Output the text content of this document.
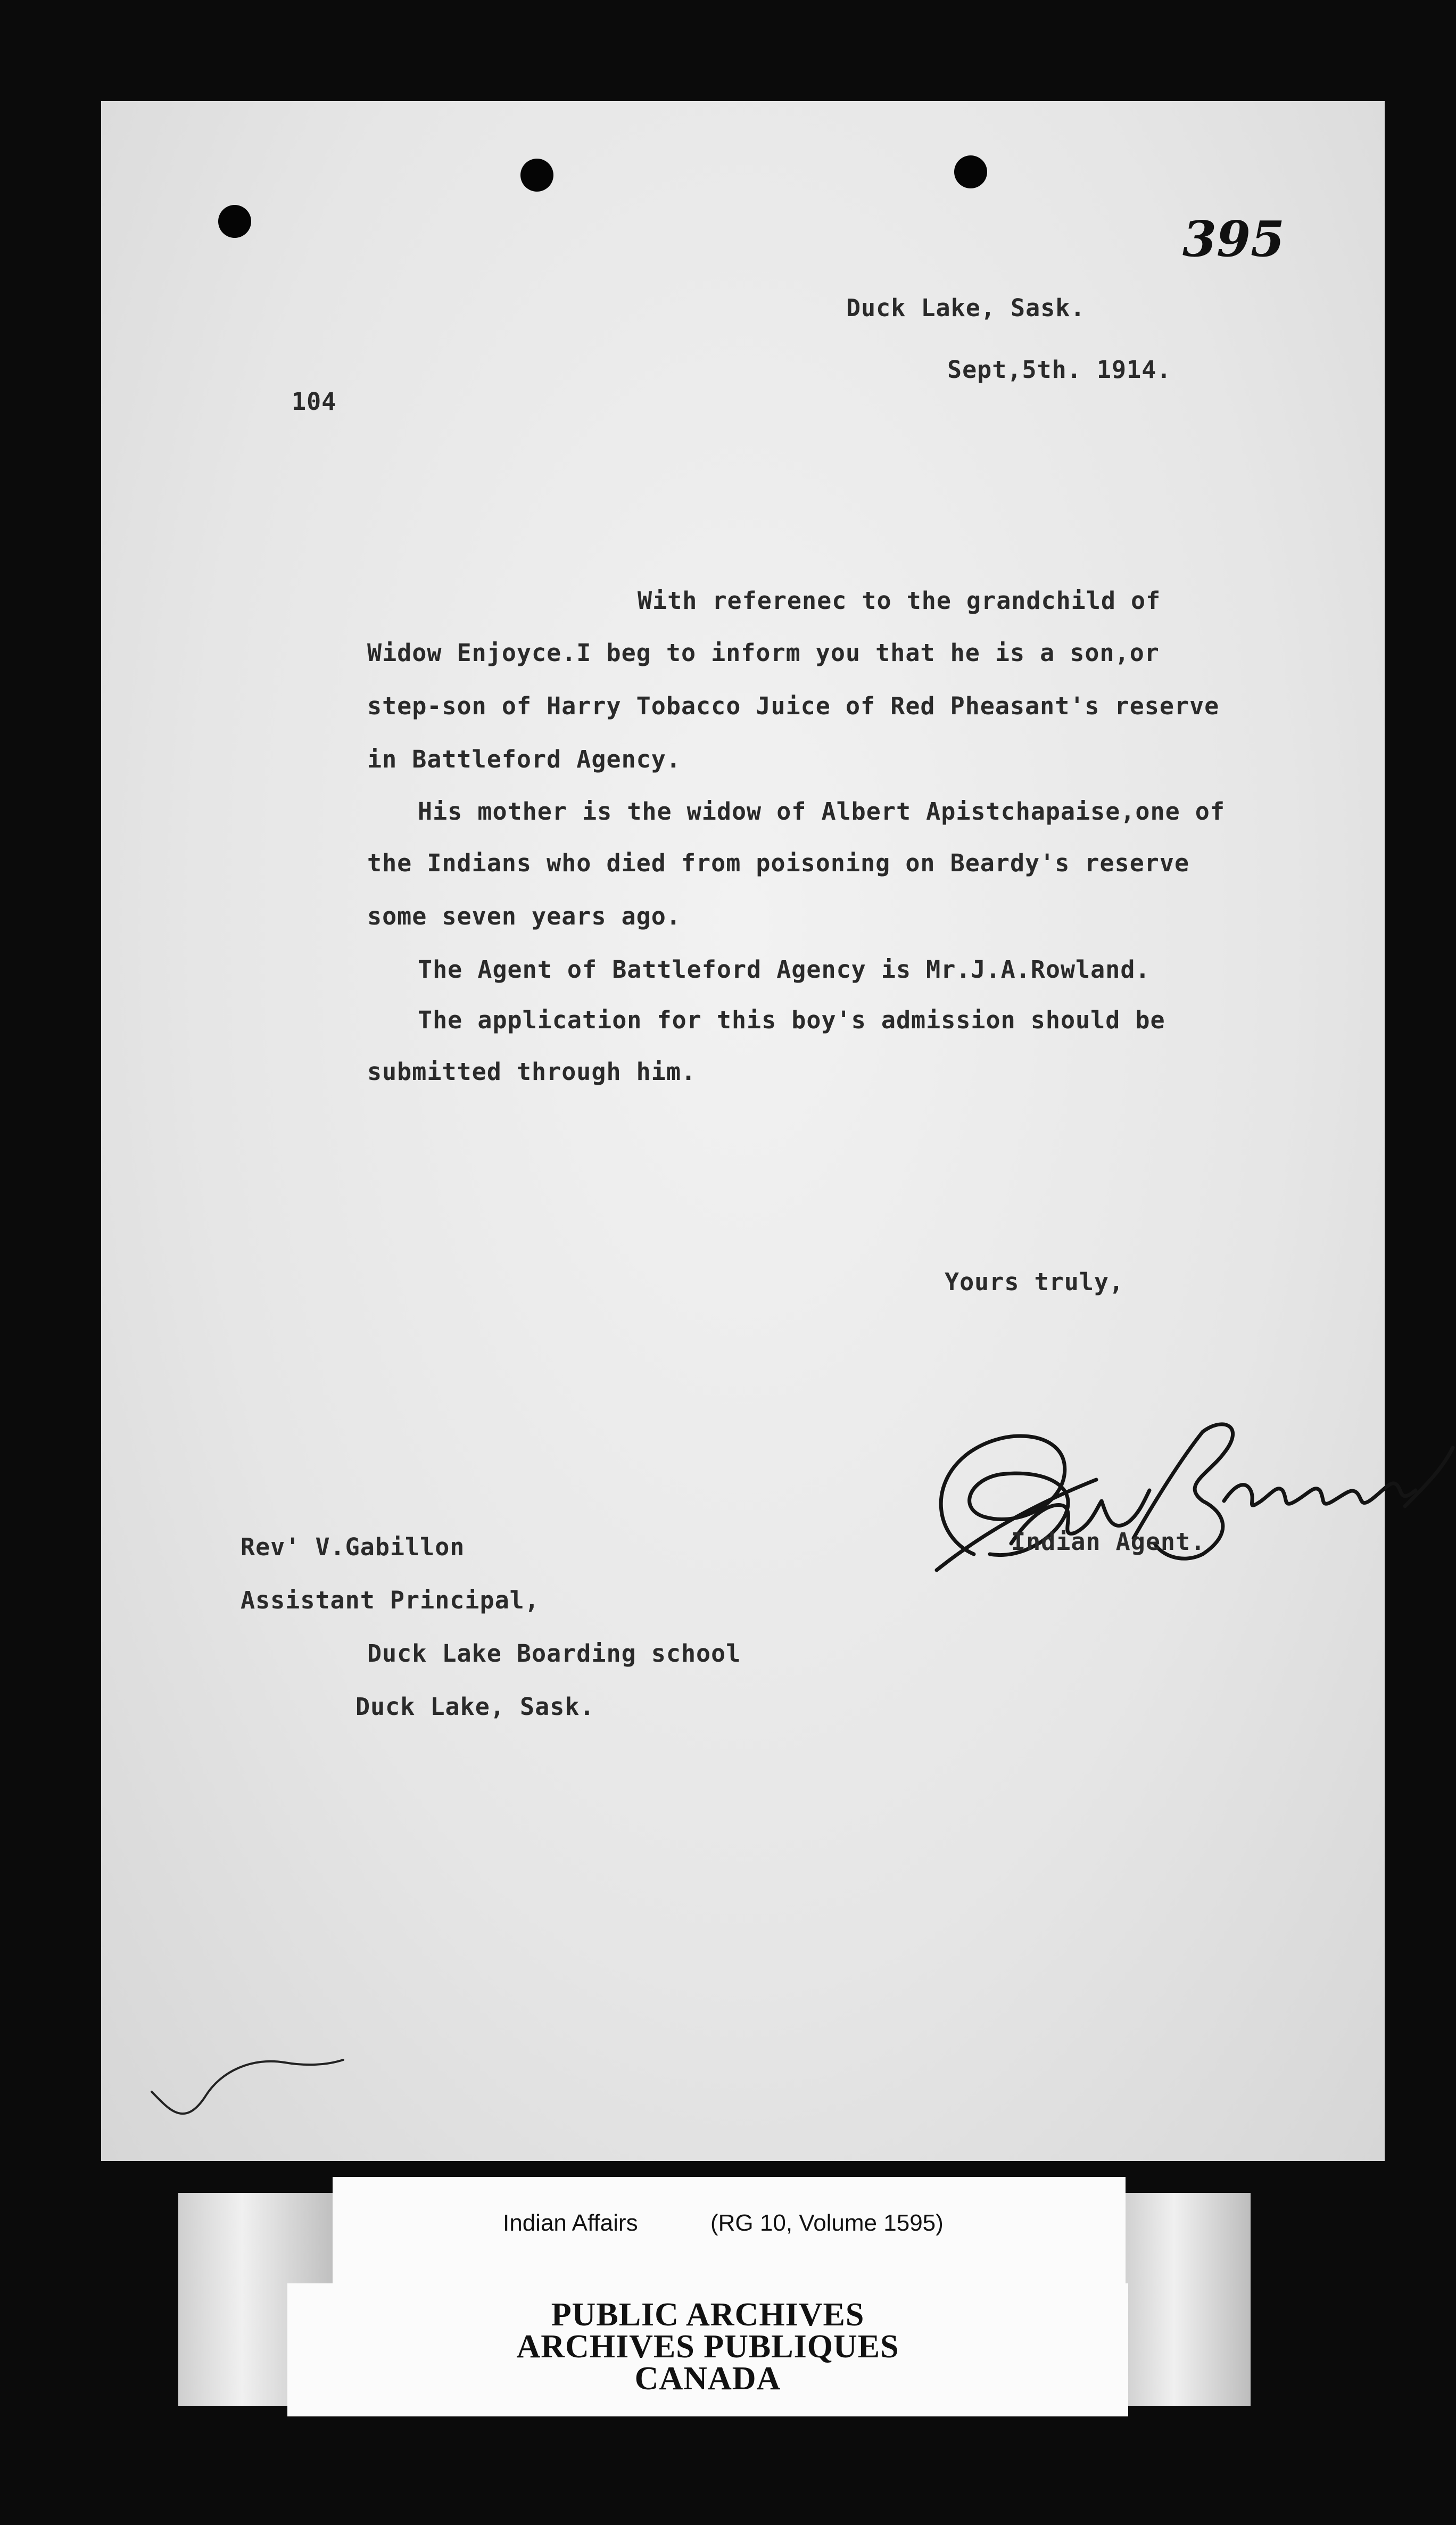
395
Duck Lake, Sask.
Sept,5th. 1914.
104
With referenec to the grandchild of
Widow Enjoyce.I beg to inform you that he is a son,or
step-son of Harry Tobacco Juice of Red Pheasant's reserve
in Battleford Agency.
His mother is the widow of Albert Apistchapaise,one of
the Indians who died from poisoning on Beardy's reserve
some seven years ago.
The Agent of Battleford Agency is Mr.J.A.Rowland.
The application for this boy's admission should be
submitted through him.
Yours truly,
Indian Agent.
Rev' V.Gabillon
Assistant Principal,
Duck Lake Boarding school
Duck Lake, Sask.
Indian Affairs	(RG 10, Volume 1595)
PUBLIC ARCHIVES
ARCHIVES PUBLIQUES
CANADA
